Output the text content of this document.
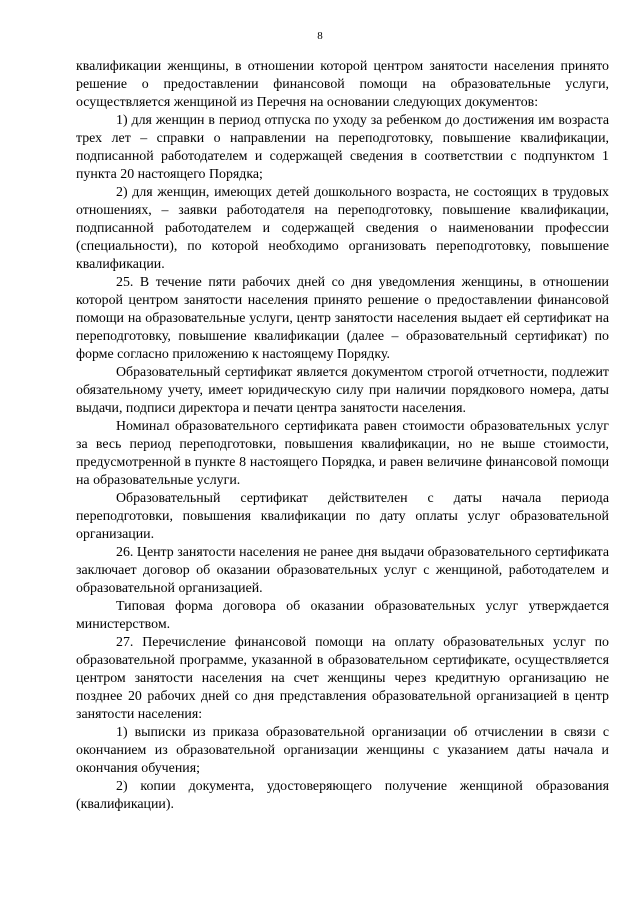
8

квалификации женщины, в отношении которой центром занятости населения принято решение о предоставлении финансовой помощи на образовательные услуги, осуществляется женщиной из Перечня на основании следующих документов:

1) для женщин в период отпуска по уходу за ребенком до достижения им возраста трех лет – справки о направлении на переподготовку, повышение квалификации, подписанной работодателем и содержащей сведения в соответствии с подпунктом 1 пункта 20 настоящего Порядка;

2) для женщин, имеющих детей дошкольного возраста, не состоящих в трудовых отношениях, – заявки работодателя на переподготовку, повышение квалификации, подписанной работодателем и содержащей сведения о наименовании профессии (специальности), по которой необходимо организовать переподготовку, повышение квалификации.

25. В течение пяти рабочих дней со дня уведомления женщины, в отношении которой центром занятости населения принято решение о предоставлении финансовой помощи на образовательные услуги, центр занятости населения выдает ей сертификат на переподготовку, повышение квалификации (далее – образовательный сертификат) по форме согласно приложению к настоящему Порядку.

Образовательный сертификат является документом строгой отчетности, подлежит обязательному учету, имеет юридическую силу при наличии порядкового номера, даты выдачи, подписи директора и печати центра занятости населения.

Номинал образовательного сертификата равен стоимости образовательных услуг за весь период переподготовки, повышения квалификации, но не выше стоимости, предусмотренной в пункте 8 настоящего Порядка, и равен величине финансовой помощи на образовательные услуги.

Образовательный сертификат действителен с даты начала периода переподготовки, повышения квалификации по дату оплаты услуг образовательной организации.

26. Центр занятости населения не ранее дня выдачи образовательного сертификата заключает договор об оказании образовательных услуг с женщиной, работодателем и образовательной организацией.

Типовая форма договора об оказании образовательных услуг утверждается министерством.

27. Перечисление финансовой помощи на оплату образовательных услуг по образовательной программе, указанной в образовательном сертификате, осуществляется центром занятости населения на счет женщины через кредитную организацию не позднее 20 рабочих дней со дня представления образовательной организацией в центр занятости населения:

1) выписки из приказа образовательной организации об отчислении в связи с окончанием из образовательной организации женщины с указанием даты начала и окончания обучения;

2) копии документа, удостоверяющего получение женщиной образования (квалификации).
